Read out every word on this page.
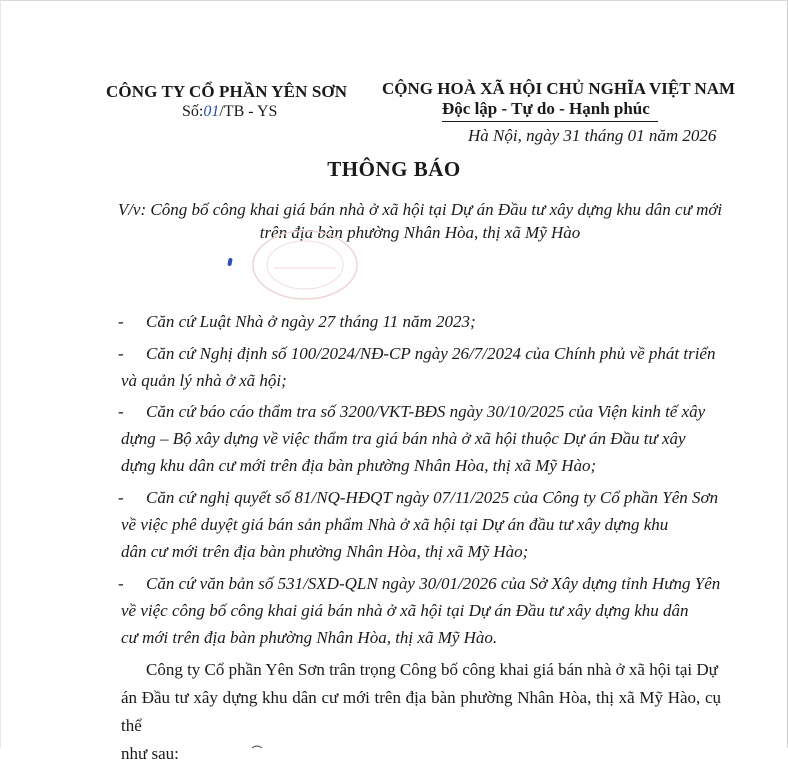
CÔNG TY CỔ PHẦN YÊN SƠN
Số:01/TB - YS
CỘNG HOÀ XÃ HỘI CHỦ NGHĨA VIỆT NAM
Độc lập - Tự do - Hạnh phúc
Hà Nội, ngày 31 tháng 01 năm 2026
THÔNG BÁO
V/v: Công bố công khai giá bán nhà ở xã hội tại Dự án Đầu tư xây dựng khu dân cư mới
trên địa bàn phường Nhân Hòa, thị xã Mỹ Hào
- Căn cứ Luật Nhà ở ngày 27 tháng 11 năm 2023;
- Căn cứ Nghị định số 100/2024/NĐ-CP ngày 26/7/2024 của Chính phủ về phát triển
và quản lý nhà ở xã hội;
- Căn cứ báo cáo thẩm tra số 3200/VKT-BĐS ngày 30/10/2025 của Viện kinh tế xây
dựng – Bộ xây dựng về việc thẩm tra giá bán nhà ở xã hội thuộc Dự án Đầu tư xây
dựng khu dân cư mới trên địa bàn phường Nhân Hòa, thị xã Mỹ Hào;
- Căn cứ nghị quyết số 81/NQ-HĐQT ngày 07/11/2025 của Công ty Cổ phần Yên Sơn
về việc phê duyệt giá bán sản phẩm Nhà ở xã hội tại Dự án đầu tư xây dựng khu
dân cư mới trên địa bàn phường Nhân Hòa, thị xã Mỹ Hào;
- Căn cứ văn bản số 531/SXD-QLN ngày 30/01/2026 của Sở Xây dựng tỉnh Hưng Yên
về việc công bố công khai giá bán nhà ở xã hội tại Dự án Đầu tư xây dựng khu dân
cư mới trên địa bàn phường Nhân Hòa, thị xã Mỹ Hào.
Công ty Cổ phần Yên Sơn trân trọng Công bố công khai giá bán nhà ở xã hội tại Dự
án Đầu tư xây dựng khu dân cư mới trên địa bàn phường Nhân Hòa, thị xã Mỹ Hào, cụ thể
như sau:
